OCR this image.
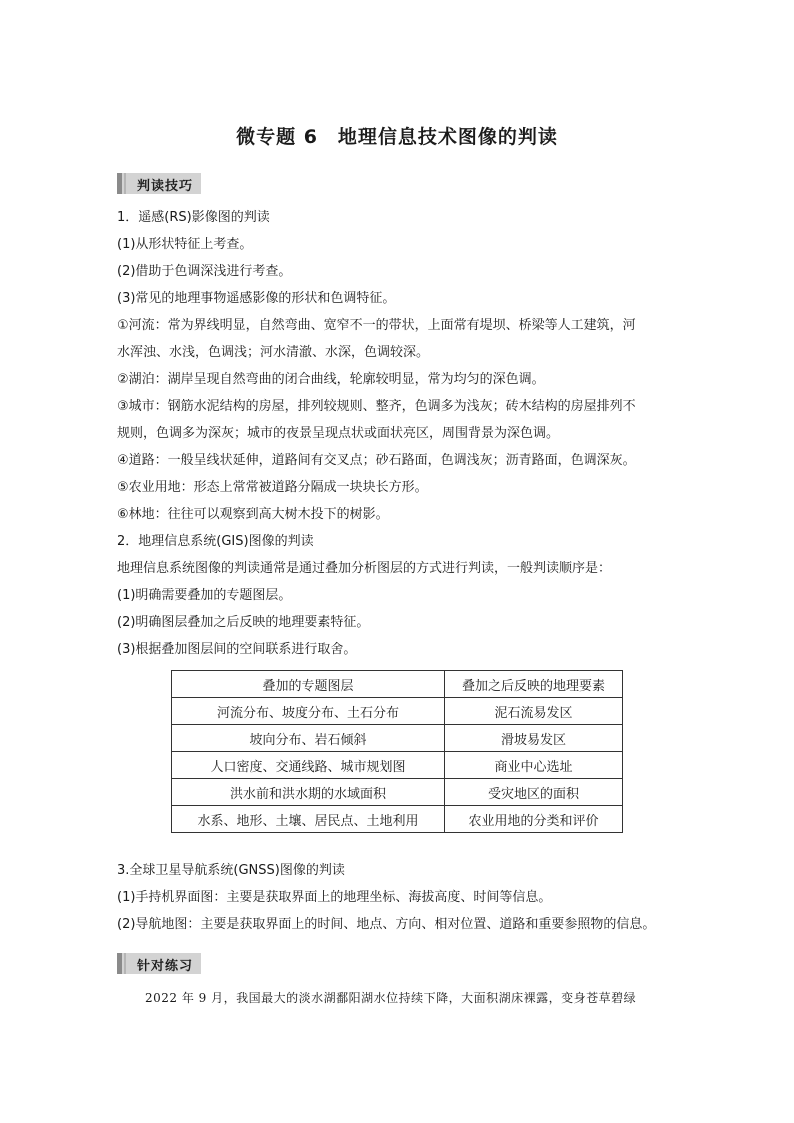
微专题 6　地理信息技术图像的判读
判读技巧
1．遥感(RS)影像图的判读
(1)从形状特征上考查。
(2)借助于色调深浅进行考查。
(3)常见的地理事物遥感影像的形状和色调特征。
①河流：常为界线明显，自然弯曲、宽窄不一的带状，上面常有堤坝、桥梁等人工建筑，河
水浑浊、水浅，色调浅；河水清澈、水深，色调较深。
②湖泊：湖岸呈现自然弯曲的闭合曲线，轮廓较明显，常为均匀的深色调。
③城市：钢筋水泥结构的房屋，排列较规则、整齐，色调多为浅灰；砖木结构的房屋排列不
规则，色调多为深灰；城市的夜景呈现点状或面状亮区，周围背景为深色调。
④道路：一般呈线状延伸，道路间有交叉点；砂石路面，色调浅灰；沥青路面，色调深灰。
⑤农业用地：形态上常常被道路分隔成一块块长方形。
⑥林地：往往可以观察到高大树木投下的树影。
2．地理信息系统(GIS)图像的判读
地理信息系统图像的判读通常是通过叠加分析图层的方式进行判读，一般判读顺序是：
(1)明确需要叠加的专题图层。
(2)明确图层叠加之后反映的地理要素特征。
(3)根据叠加图层间的空间联系进行取舍。
叠加的专题图层	叠加之后反映的地理要素
河流分布、坡度分布、土石分布	泥石流易发区
坡向分布、岩石倾斜	滑坡易发区
人口密度、交通线路、城市规划图	商业中心选址
洪水前和洪水期的水域面积	受灾地区的面积
水系、地形、土壤、居民点、土地利用	农业用地的分类和评价
3.全球卫星导航系统(GNSS)图像的判读
(1)手持机界面图：主要是获取界面上的地理坐标、海拔高度、时间等信息。
(2)导航地图：主要是获取界面上的时间、地点、方向、相对位置、道路和重要参照物的信息。
针对练习
2022 年 9 月，我国最大的淡水湖鄱阳湖水位持续下降，大面积湖床裸露，变身苍草碧绿
